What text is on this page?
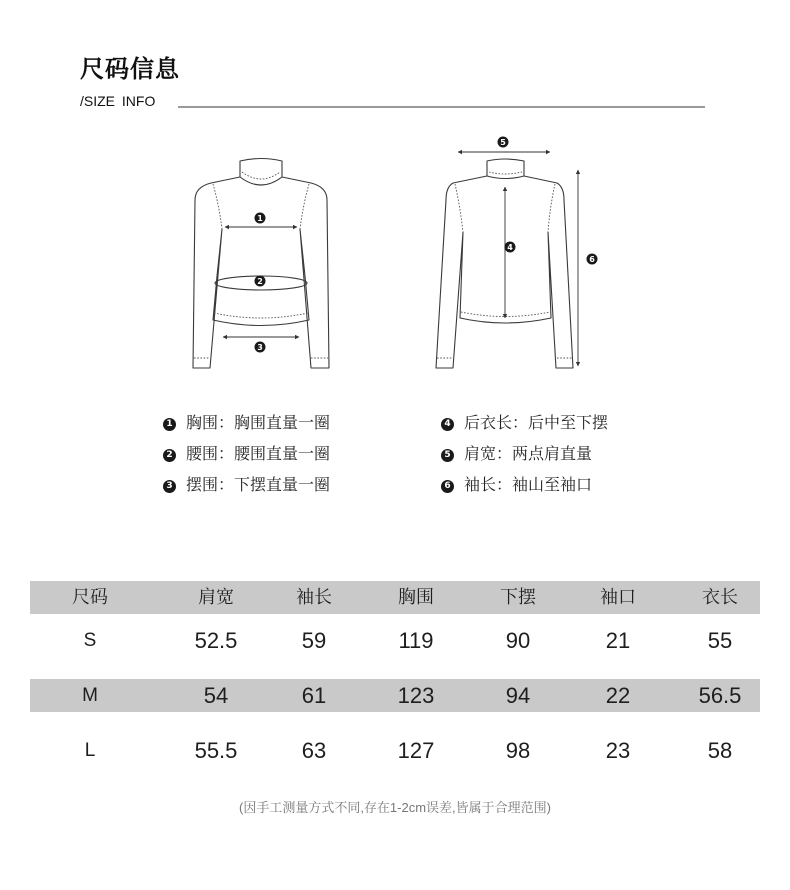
尺码信息
/SIZE INFO
1
2
3
5
4
6
1 胸围：胸围直量一圈
2 腰围：腰围直量一圈
3 摆围：下摆直量一圈
4 后衣长：后中至下摆
5 肩宽：两点肩直量
6 袖长：袖山至袖口
尺码	肩宽	袖长	胸围	下摆	袖口	衣长
S	52.5	59	119	90	21	55
M	54	61	123	94	22	56.5
L	55.5	63	127	98	23	58
(因手工测量方式不同,存在1-2cm误差,皆属于合理范围)
